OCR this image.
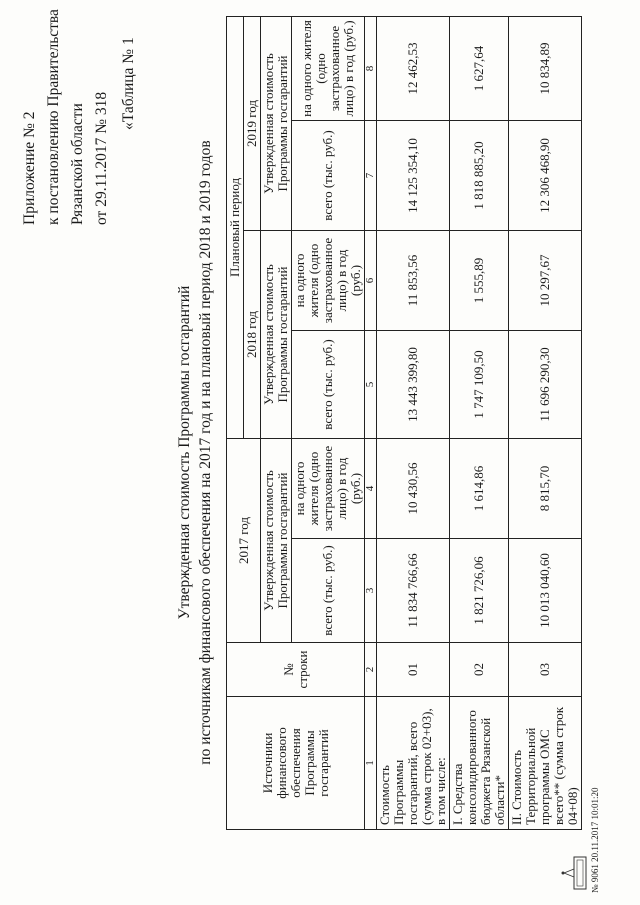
Приложение № 2 к постановлению Правительства Рязанской области от 29.11.2017 № 318
«Таблица № 1
Утвержденная стоимость Программы госгарантий по источникам финансового обеспечения на 2017 год и на плановый период 2018 и 2019 годов	Источники финансового обеспечения Программы госгарантий	№ строки	2017 год		Плановый период			
				2018 год		2019 год	
		Утвержденная стоимость Программы госгарантий		Утвержденная стоимость Программы госгарантий		Утвержденная стоимость Программы госгарантий	
		всего (тыс. руб.)	на одного жителя (одно застрахованное лицо) в год (руб.)	всего (тыс. руб.)	на одного жителя (одно застрахованное лицо) в год (руб.)	всего (тыс. руб.)	на одного жителя (одно застрахованное лицо) в год (руб.)
1	2	3	4	5	6	7	8
Стоимость Программы госгарантий, всего (сумма строк 02+03), в том числе:	01	11 834 766,66	10 430,56	13 443 399,80	11 853,56	14 125 354,10	12 462,53
I. Средства консолидированного бюджета Рязанской области*	02	1 821 726,06	1 614,86	1 747 109,50	1 555,89	1 818 885,20	1 627,64
II. Стоимость Территориальной программы ОМС всего** (сумма строк 04+08)	03	10 013 040,60	8 815,70	11 696 290,30	10 297,67	12 306 468,90	10 834,89
№ 9061 20.11.2017 10:01:20
